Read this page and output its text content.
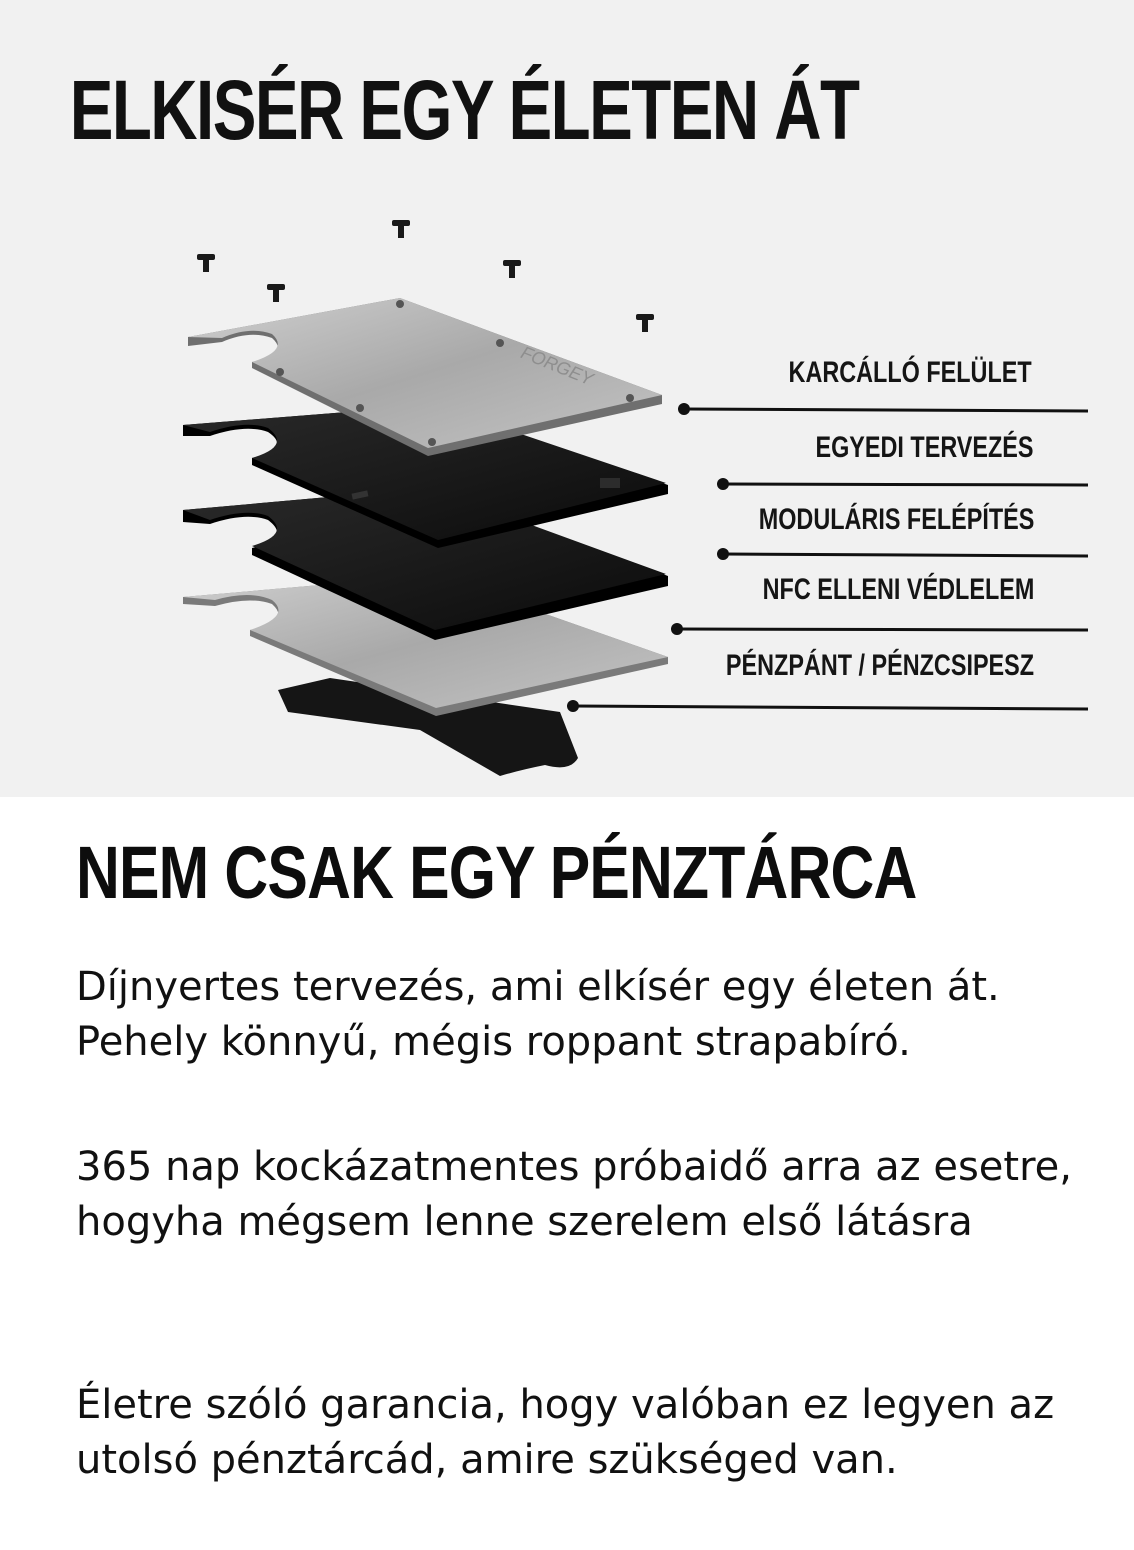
ELKISÉR EGY ÉLETEN ÁT
FORGEY	KARCÁLLÓ FELÜLET
EGYEDI TERVEZÉS
MODULÁRIS FELÉPÍTÉS
NFC ELLENI VÉDLELEM
PÉNZPÁNT / PÉNZCSIPESZ
NEM CSAK EGY PÉNZTÁRCA

Díjnyertes tervezés, ami elkísér egy életen át. Pehely könnyű, mégis roppant strapabíró.

365 nap kockázatmentes próbaidő arra az esetre, hogyha mégsem lenne szerelem első látásra

Életre szóló garancia, hogy valóban ez legyen az utolsó pénztárcád, amire szükséged van.
